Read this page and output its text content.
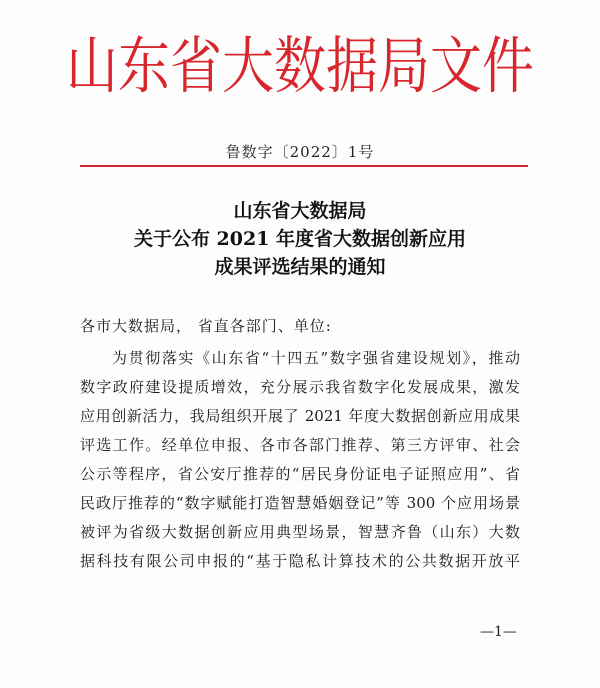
山东省大数据局文件
鲁数字〔2022〕1号
山东省大数据局
关于公布 2021 年度省大数据创新应用
成果评选结果的通知
各市大数据局， 省直各部门、单位:
为贯彻落实《山东省“十四五”数字强省建设规划》，推动
数字政府建设提质增效，充分展示我省数字化发展成果，激发
应用创新活力，我局组织开展了 2021 年度大数据创新应用成果
评选工作。经单位申报、各市各部门推荐、第三方评审、社会
公示等程序，省公安厅推荐的“居民身份证电子证照应用”、省
民政厅推荐的“数字赋能打造智慧婚姻登记”等 300 个应用场景
被评为省级大数据创新应用典型场景，智慧齐鲁（山东）大数
据科技有限公司申报的“基于隐私计算技术的公共数据开放平
—1—
